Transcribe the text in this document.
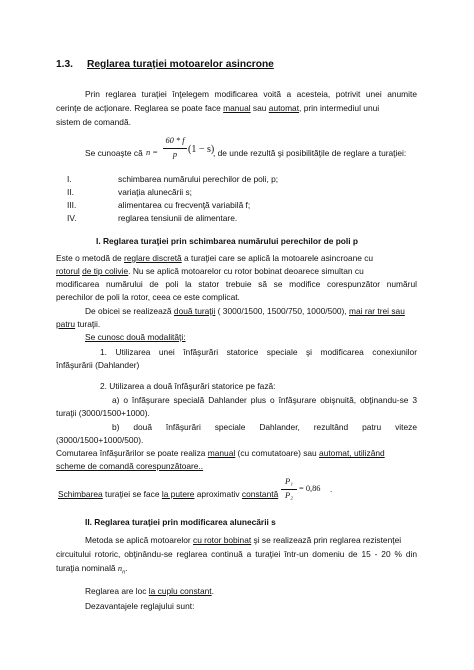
1.3. Reglarea turaţiei motoarelor asincrone
Prin reglarea turaţiei înţelegem modificarea voită a acesteia, potrivit unei anumite
cerinţe de acţionare. Reglarea se poate face manual sau automat, prin intermediul unui
sistem de comandă.
Se cunoaşte că n =
60 * f
p	(1 − s)
, de unde rezultă şi posibilităţile de reglare a turaţiei:
I.	schimbarea numărului perechilor de poli, p;
II.	variaţia alunecării s;
III.	alimentarea cu frecvenţă variabilă f;
IV.	reglarea tensiunii de alimentare.
I. Reglarea turaţiei prin schimbarea numărului perechilor de poli p
Este o metodă de reglare discretă a turaţiei care se aplică la motoarele asincroane cu
rotorul de tip colivie. Nu se aplică motoarelor cu rotor bobinat deoarece simultan cu
modificarea numărului de poli la stator trebuie să se modifice corespunzător numărul
perechilor de poli la rotor, ceea ce este complicat.
De obicei se realizează două turaţii ( 3000/1500, 1500/750, 1000/500), mai rar trei sau
patru turaţii.
Se cunosc două modalităţi:
1. Utilizarea unei înfăşurări statorice speciale şi modificarea conexiunilor
înfăşurării (Dahlander)
2. Utilizarea a două înfăşurări statorice pe fază:
a) o înfăşurare specială Dahlander plus o înfăşurare obişnuită, obţinandu-se 3
turaţii (3000/1500+1000).
b) două înfăşurări speciale Dahlander, rezultând patru viteze
(3000/1500+1000/500).
Comutarea înfăşurărilor se poate realiza manual (cu comutatoare) sau automat, utilizând
scheme de comandă corespunzătoare..
Schimbarea turaţiei se face la putere aproximativ constantă
P₁
P₂
= 0,86 .
II. Reglarea turaţiei prin modificarea alunecării s
Metoda se aplică motoarelor cu rotor bobinat şi se realizează prin reglarea rezistenţei
circuitului rotoric, obţinându-se reglarea continuă a turaţiei într-un domeniu de 15 - 20 % din
turaţia nominală $n_n$.
Reglarea are loc la cuplu constant.
Dezavantajele reglajului sunt:
